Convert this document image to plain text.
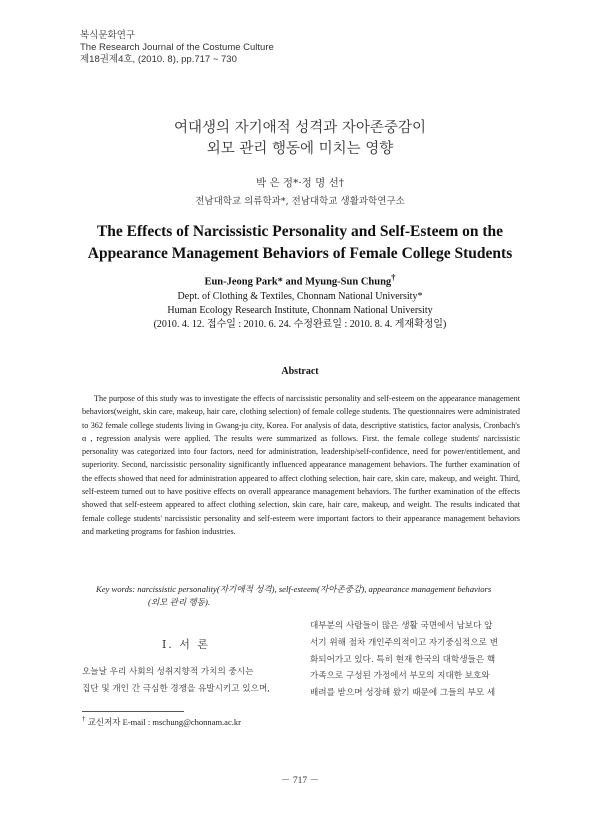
복식문화연구
The Research Journal of the Costume Culture
제18권제4호, (2010. 8), pp.717 ~ 730
여대생의 자기애적 성격과 자아존중감이
외모 관리 행동에 미치는 영향
박 은 정*·정 명 선†
전남대학교 의류학과*, 전남대학교 생활과학연구소
The Effects of Narcissistic Personality and Self-Esteem on the
Appearance Management Behaviors of Female College Students
Eun-Jeong Park* and Myung-Sun Chung†
Dept. of Clothing & Textiles, Chonnam National University*
Human Ecology Research Institute, Chonnam National University
(2010. 4. 12. 접수일 : 2010. 6. 24. 수정완료일 : 2010. 8. 4. 게재확정일)
Abstract

The purpose of this study was to investigate the effects of narcissistic personality and self-esteem on the appearance management behaviors(weight, skin care, makeup, hair care, clothing selection) of female college students. The questionnaires were administrated to 362 female college students living in Gwang-ju city, Korea. For analysis of data, descriptive statistics, factor analysis, Cronbach's α , regression analysis were applied. The results were summarized as follows. First. the female college students' narcissistic personality was categorized into four factors, need for administration, leadership/self-confidence, need for power/entitlement, and superiority. Second, narcissistic personality significantly influenced appearance management behaviors. The further examination of the effects showed that need for administration appeared to affect clothing selection, hair care, skin care, makeup, and weight. Third, self-esteem turned out to have positive effects on overall appearance management behaviors. The further examination of the effects showed that self-esteem appeared to affect clothing selection, skin care, hair care, makeup, and weight. The results indicated that female college students' narcissistic personality and self-esteem were important factors to their appearance management behaviors and marketing programs for fashion industries.

Key words: narcissistic personality(자기애적 성격), self-esteem(자아존중감), appearance management behaviors
(외모 관리 행동).
I. 서 론

오늘날 우리 사회의 성취지향적 가치의 중시는

집단 및 개인 간 극심한 경쟁을 유발시키고 있으며,

대부분의 사람들이 많은 생활 국면에서 남보다 앞

서기 위해 점차 개인주의적이고 자기중심적으로 변

화되어가고 있다. 특히 현재 한국의 대학생들은 핵

가족으로 구성된 가정에서 부모의 지대한 보호와

배려를 받으며 성장해 왔기 때문에 그들의 부모 세

† 교신저자 E-mail : mschung@chonnam.ac.kr
－ 717 －
